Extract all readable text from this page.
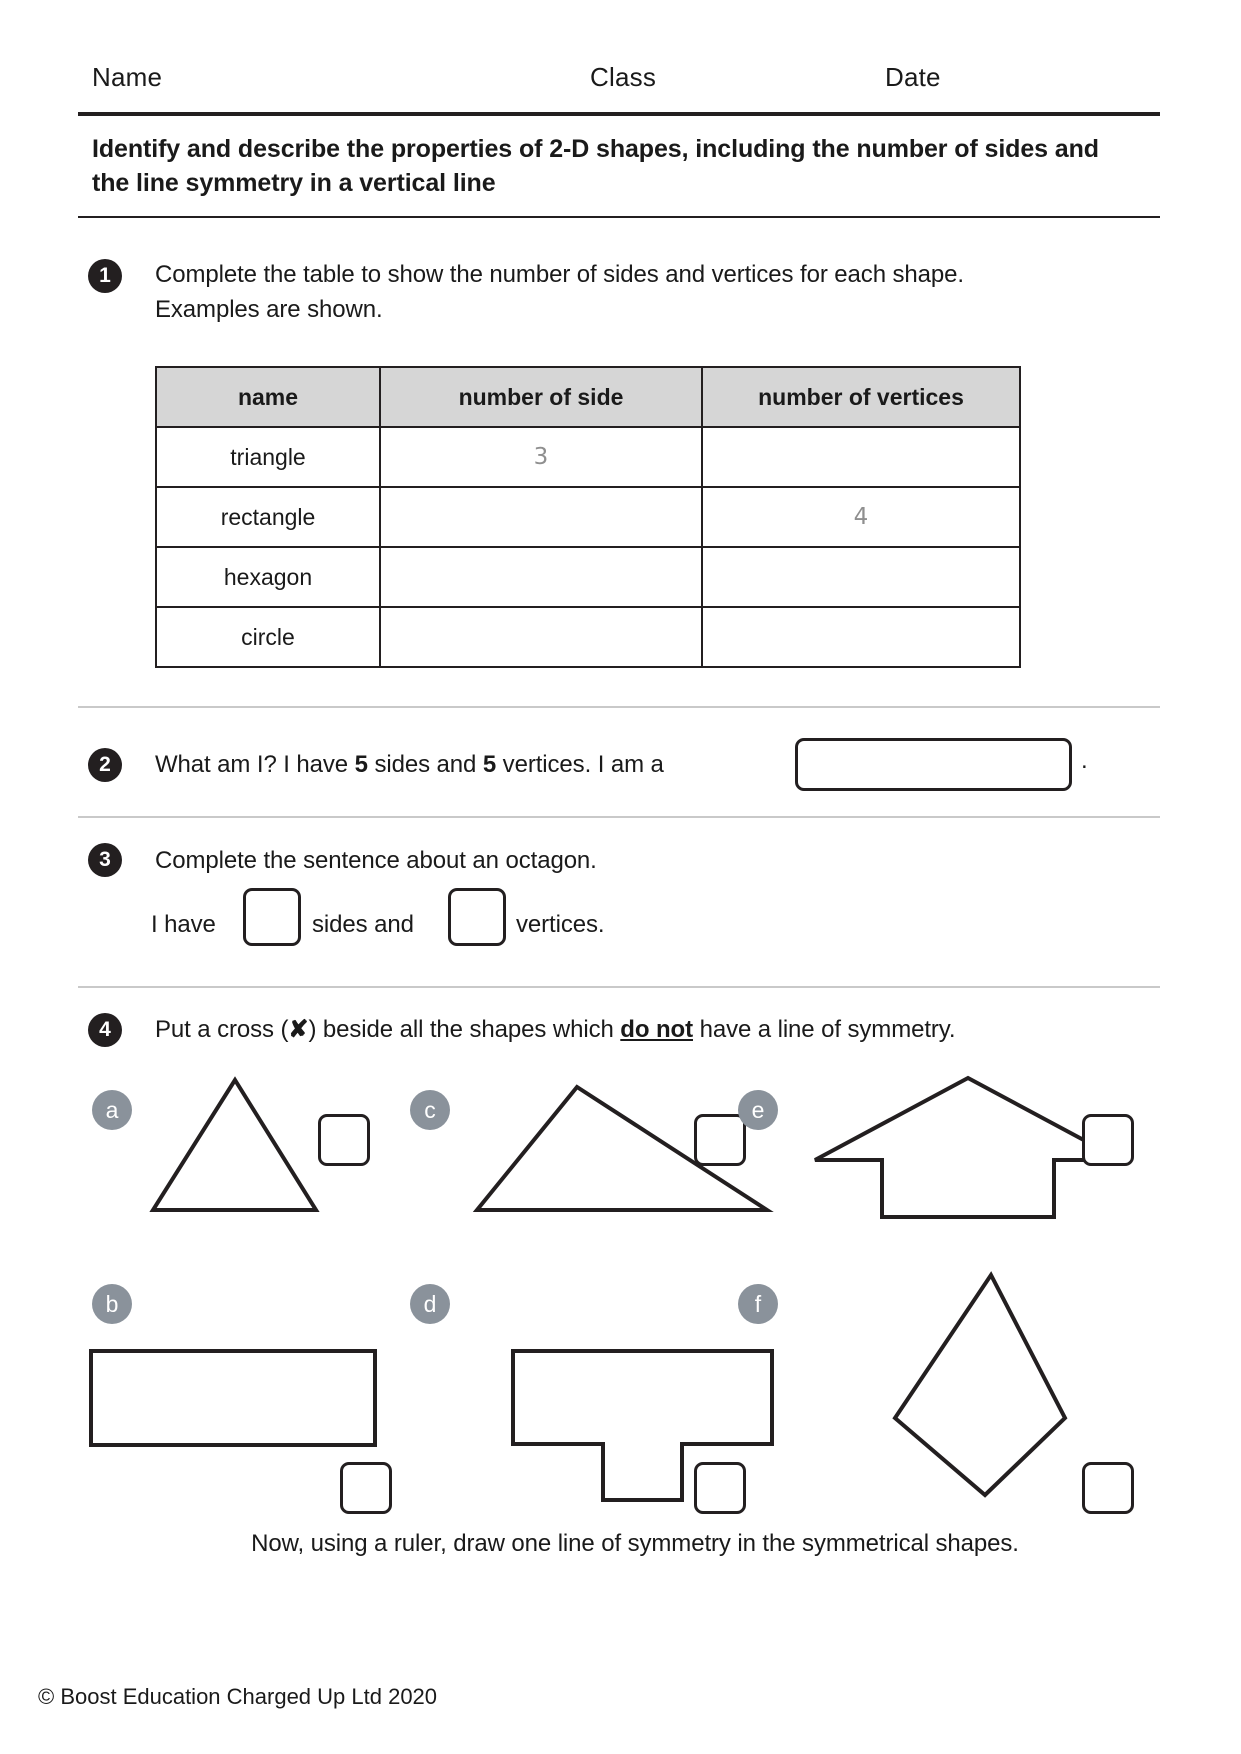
Name	Class	Date
Identify and describe the properties of 2-D shapes, including the number of sides and the line symmetry in a vertical line
1	Complete the table to show the number of sides and vertices for each shape. Examples are shown.
name	number of side	number of vertices
triangle	3	
rectangle		4
hexagon		
circle		
2	What am I? I have 5 sides and 5 vertices. I am a	.
3	Complete the sentence about an octagon.
I have	sides and	vertices.
4	Put a cross (✘) beside all the shapes which do not have a line of symmetry.
a	c	e
b	d	f
Now, using a ruler, draw one line of symmetry in the symmetrical shapes.
© Boost Education Charged Up Ltd 2020
